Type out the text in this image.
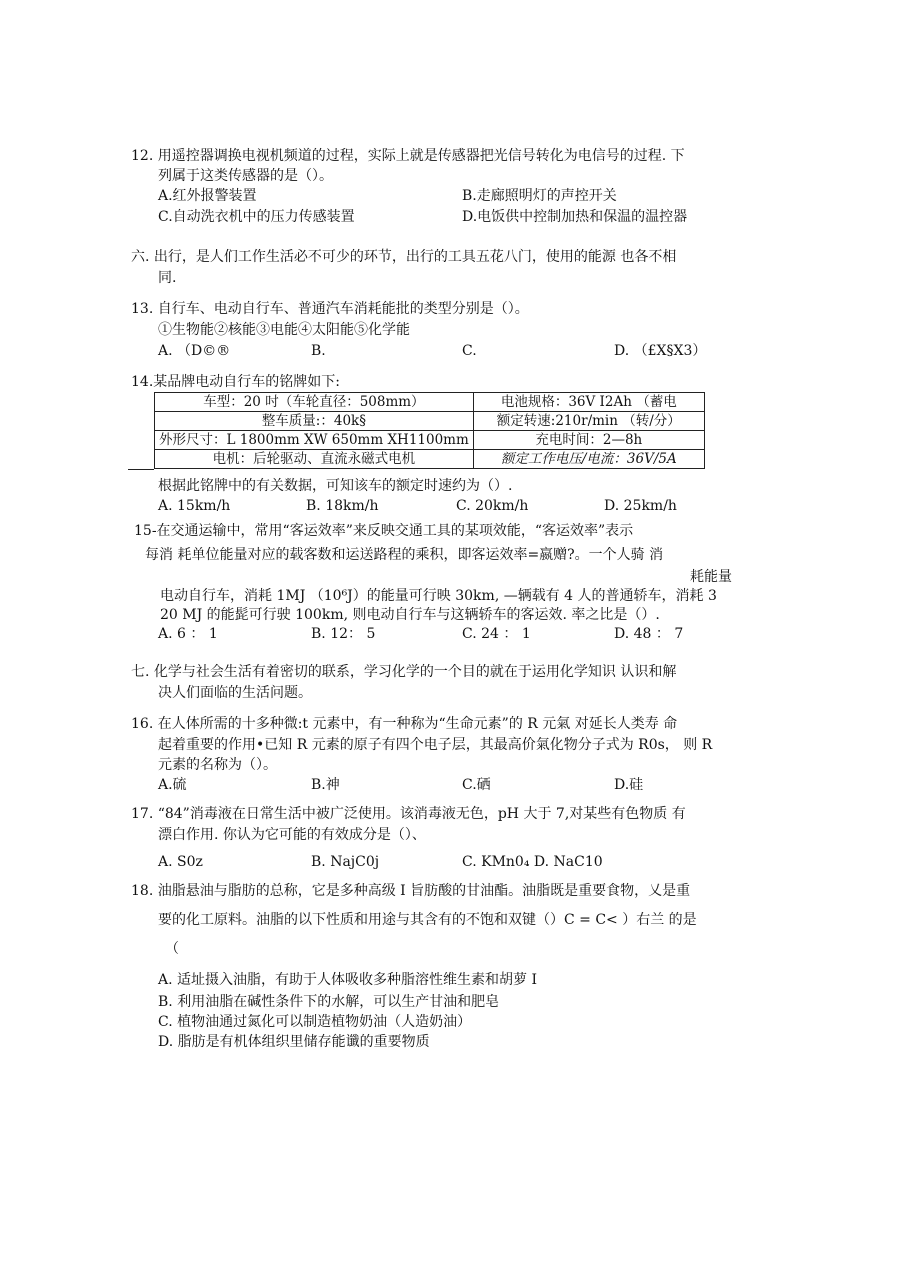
12. 用遥控器调换电视机频道的过程，实际上就是传感器把光信号转化为电信号的过程. 下
列属于这类传感器的是（）。
A.红外报警装置	B.走廊照明灯的声控开关
C.自动洗衣机中的压力传感装置	D.电饭供中控制加热和保温的温控器
六. 出行，是人们工作生活必不可少的环节，出行的工具五花八门，使用的能源 也各不相
同.
13. 自行车、电动自行车、普通汽车消耗能批的类型分别是（）。
①生物能②核能③电能④太阳能⑤化学能
A. （D©®	B.	C.	D. （£X§X3）
14.某品牌电动自行车的铭牌如下:
车型：20 吋（车轮直径：508mm）	电池规格：36V I2Ah （蓄电
整车质量:：40k§	额定转速:210r/min （转/分）
外形尺寸：L 1800mm XW 650mm XH1100mm	充电时间：2—8h
电机：后轮驱动、直流永磁式电机	额定工作电压/电流：36V/5A
根据此铭牌中的有关数据，可知该车的额定时速约为（）.
A. 15km/h	B. 18km/h	C. 20km/h	D. 25km/h
15-在交通运输中，常用“客运效率”来反映交通工具的某项效能，“客运效率”表示
每消 耗单位能量对应的载客数和运送路程的乘积，即客运效率=嬴赠?。一个人骑 消
耗能量
电动自行车，消耗 1MJ （10⁶J）的能量可行映 30km, —辆载有 4 人的普通轿车，消耗 3
20 MJ 的能髭可行驶 100km, 则电动自行车与这辆轿车的客运效. 率之比是（）.
A. 6 ： 1	B. 12： 5	C. 24 ： 1	D. 48 ： 7
七. 化学与社会生活有着密切的联系，学习化学的一个目的就在于运用化学知识 认识和解
决人们面临的生活问题。
16. 在人体所需的十多种微:t 元素中，有一种称为“生命元素”的 R 元氣 对延长人类寿 命
起着重要的作用•已知 R 元素的原子有四个电子层，其最高价氣化物分子式为 R0s， 则 R
元素的名称为（）。
A.硫	B.神	C.硒	D.硅
17. “84”消毒液在日常生活中被广泛使用。该消毒液无色，pH 大于 7,对某些有色物质 有
漂白作用. 你认为它可能的有效成分是（）、
A. S0z	B. NajC0j	C. KMn0₄ D. NaC10
18. 油脂悬油与脂肪的总称，它是多种高级 I 旨肪酸的甘油酯。油脂既是重要食物，乂是重
要的化工原料。油脂的以下性质和用途与其含有的不饱和双键（）C = C< ）右兰 的是
（
A. 适址摄入油脂，有助于人体吸收多种脂溶性维生素和胡萝 I
B. 利用油脂在碱性条件下的水解，可以生产甘油和肥皂
C. 植物油通过氮化可以制造植物奶油（人造奶油）
D. 脂肪是有机体组织里储存能谶的重要物质
